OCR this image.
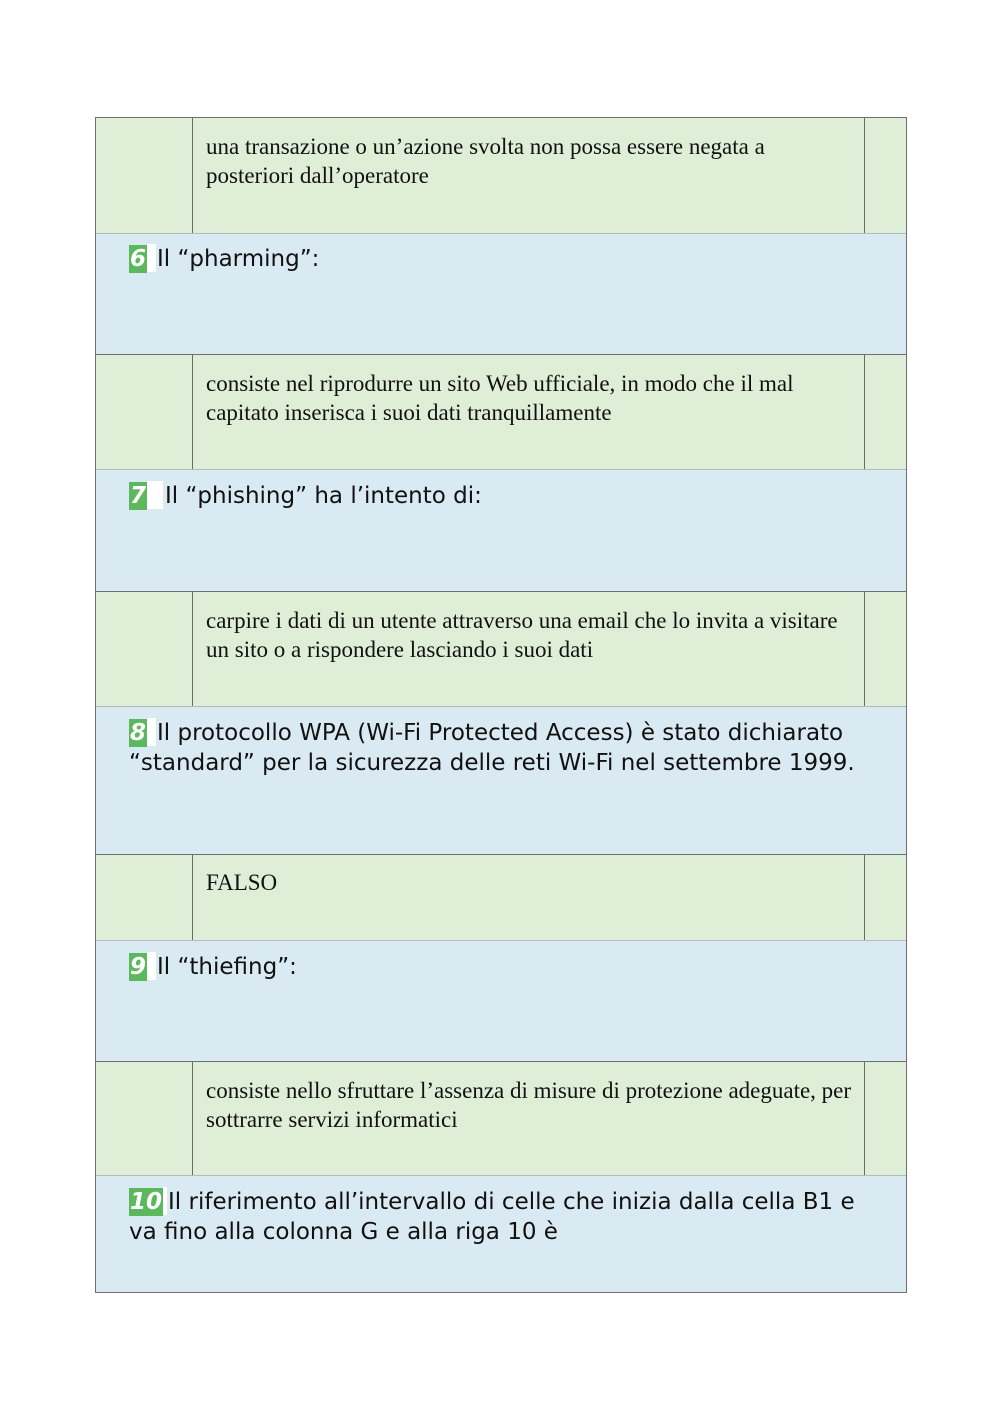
una transazione o un’azione svolta non possa essere negata a posteriori dall’operatore
6 Il “pharming”:
consiste nel riprodurre un sito Web ufficiale, in modo che il mal capitato inserisca i suoi dati tranquillamente
7 Il “phishing” ha l’intento di:
carpire i dati di un utente attraverso una email che lo invita a visitare un sito o a rispondere lasciando i suoi dati
8 Il protocollo WPA (Wi-Fi Protected Access) è stato dichiarato “standard” per la sicurezza delle reti Wi-Fi nel settembre 1999.
FALSO
9 Il “thiefing”:
consiste nello sfruttare l’assenza di misure di protezione adeguate, per sottrarre servizi informatici
10 Il riferimento all’intervallo di celle che inizia dalla cella B1 e va fino alla colonna G e alla riga 10 è
